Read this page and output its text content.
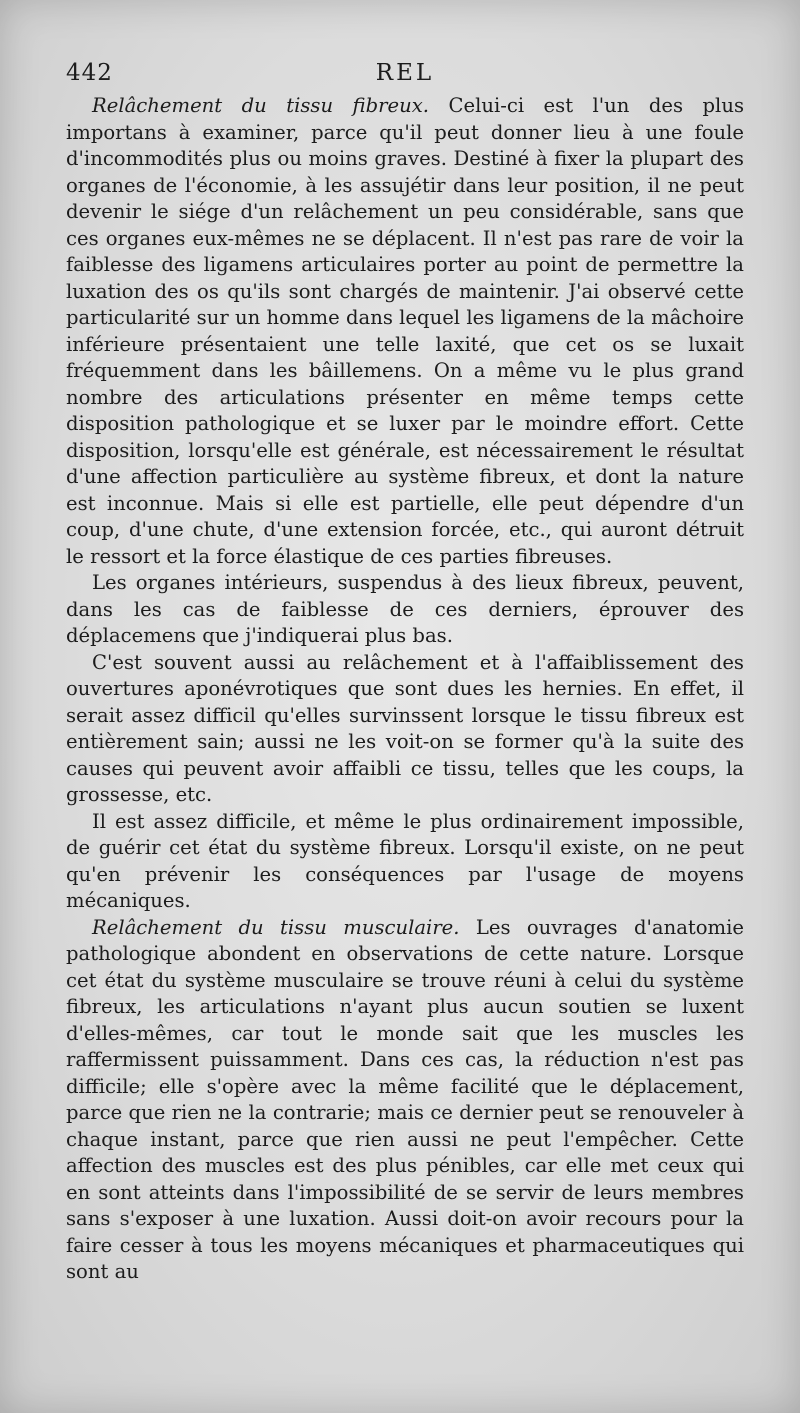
442	REL

Relâchement du tissu fibreux. Celui-ci est l'un des plus importans à examiner, parce qu'il peut donner lieu à une foule d'incommodités plus ou moins graves. Destiné à fixer la plupart des organes de l'économie, à les assujétir dans leur position, il ne peut devenir le siége d'un relâchement un peu considérable, sans que ces organes eux-mêmes ne se déplacent. Il n'est pas rare de voir la faiblesse des ligamens articulaires porter au point de permettre la luxation des os qu'ils sont chargés de maintenir. J'ai observé cette particularité sur un homme dans lequel les ligamens de la mâchoire inférieure présentaient une telle laxité, que cet os se luxait fréquemment dans les bâillemens. On a même vu le plus grand nombre des articulations présenter en même temps cette disposition pathologique et se luxer par le moindre effort. Cette disposition, lorsqu'elle est générale, est nécessairement le résultat d'une affection particulière au système fibreux, et dont la nature est inconnue. Mais si elle est partielle, elle peut dépendre d'un coup, d'une chute, d'une extension forcée, etc., qui auront détruit le ressort et la force élastique de ces parties fibreuses.

Les organes intérieurs, suspendus à des lieux fibreux, peuvent, dans les cas de faiblesse de ces derniers, éprouver des déplacemens que j'indiquerai plus bas.

C'est souvent aussi au relâchement et à l'affaiblissement des ouvertures aponévrotiques que sont dues les hernies. En effet, il serait assez difficil qu'elles survinssent lorsque le tissu fibreux est entièrement sain; aussi ne les voit-on se former qu'à la suite des causes qui peuvent avoir affaibli ce tissu, telles que les coups, la grossesse, etc.

Il est assez difficile, et même le plus ordinairement impossible, de guérir cet état du système fibreux. Lorsqu'il existe, on ne peut qu'en prévenir les conséquences par l'usage de moyens mécaniques.

Relâchement du tissu musculaire. Les ouvrages d'anatomie pathologique abondent en observations de cette nature. Lorsque cet état du système musculaire se trouve réuni à celui du système fibreux, les articulations n'ayant plus aucun soutien se luxent d'elles-mêmes, car tout le monde sait que les muscles les raffermissent puissamment. Dans ces cas, la réduction n'est pas difficile; elle s'opère avec la même facilité que le déplacement, parce que rien ne la contrarie; mais ce dernier peut se renouveler à chaque instant, parce que rien aussi ne peut l'empêcher. Cette affection des muscles est des plus pénibles, car elle met ceux qui en sont atteints dans l'impossibilité de se servir de leurs membres sans s'exposer à une luxation. Aussi doit-on avoir recours pour la faire cesser à tous les moyens mécaniques et pharmaceutiques qui sont au
